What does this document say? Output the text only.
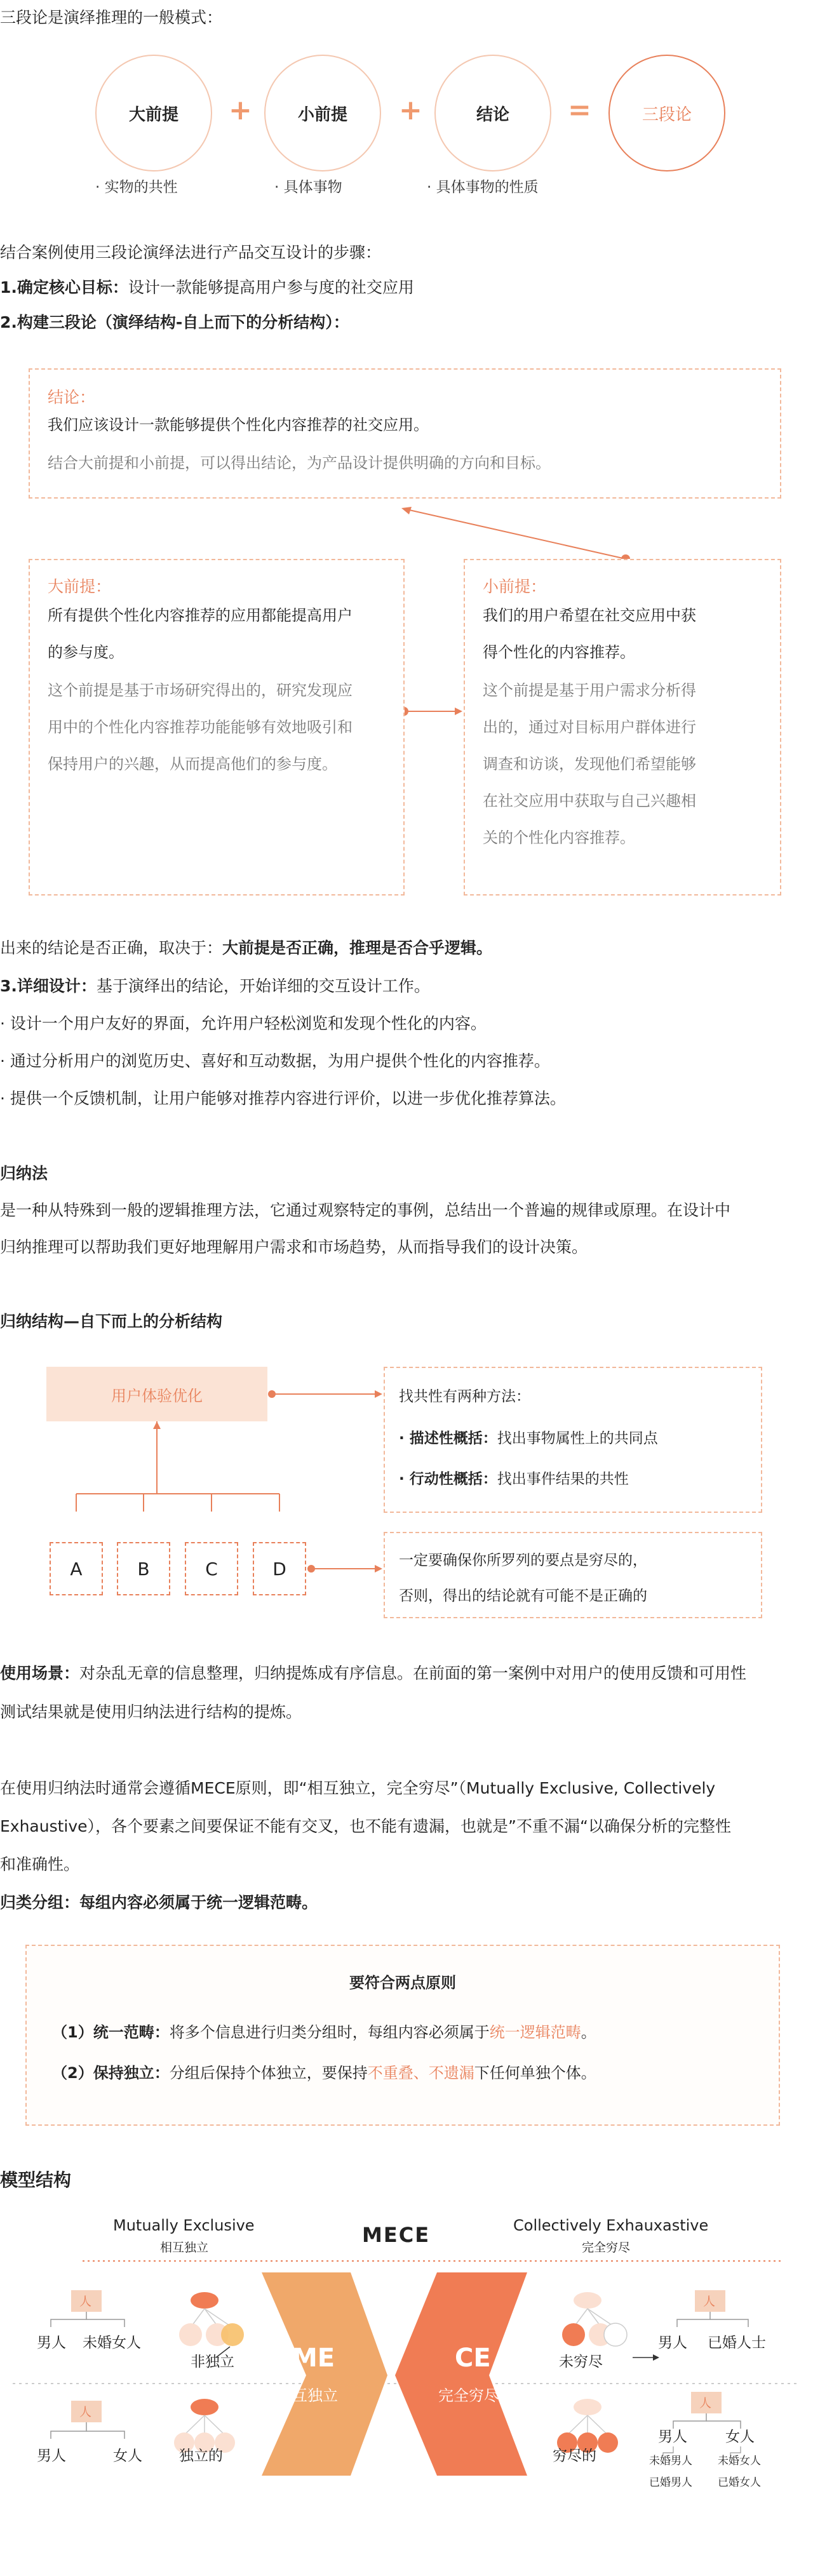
三段论是演绎推理的一般模式：
大前提	+	小前提	+	结论	=	三段论
· 实物的共性	· 具体事物	· 具体事物的性质
结合案例使用三段论演绎法进行产品交互设计的步骤：
1.确定核心目标：设计一款能够提高用户参与度的社交应用
2.构建三段论（演绎结构-自上而下的分析结构）：
结论：
我们应该设计一款能够提供个性化内容推荐的社交应用。
结合大前提和小前提，可以得出结论，为产品设计提供明确的方向和目标。
大前提：
所有提供个性化内容推荐的应用都能提高用户
的参与度。
这个前提是基于市场研究得出的，研究发现应
用中的个性化内容推荐功能能够有效地吸引和
保持用户的兴趣，从而提高他们的参与度。
小前提：
我们的用户希望在社交应用中获
得个性化的内容推荐。
这个前提是基于用户需求分析得
出的，通过对目标用户群体进行
调查和访谈，发现他们希望能够
在社交应用中获取与自己兴趣相
关的个性化内容推荐。
出来的结论是否正确，取决于：大前提是否正确，推理是否合乎逻辑。
3.详细设计：基于演绎出的结论，开始详细的交互设计工作。
· 设计一个用户友好的界面，允许用户轻松浏览和发现个性化的内容。
· 通过分析用户的浏览历史、喜好和互动数据，为用户提供个性化的内容推荐。
· 提供一个反馈机制，让用户能够对推荐内容进行评价，以进一步优化推荐算法。
归纳法
是一种从特殊到一般的逻辑推理方法，它通过观察特定的事例，总结出一个普遍的规律或原理。在设计中
归纳推理可以帮助我们更好地理解用户需求和市场趋势，从而指导我们的设计决策。
归纳结构—自下而上的分析结构
用户体验优化
A	B	C	D
找共性有两种方法：
· 描述性概括：找出事物属性上的共同点
· 行动性概括：找出事件结果的共性
一定要确保你所罗列的要点是穷尽的，
否则，得出的结论就有可能不是正确的
使用场景：对杂乱无章的信息整理，归纳提炼成有序信息。在前面的第一案例中对用户的使用反馈和可用性
测试结果就是使用归纳法进行结构的提炼。
在使用归纳法时通常会遵循MECE原则，即“相互独立，完全穷尽”（Mutually Exclusive, Collectively
Exhaustive），各个要素之间要保证不能有交叉，也不能有遗漏，也就是”不重不漏“以确保分析的完整性
和准确性。
归类分组：每组内容必须属于统一逻辑范畴。
要符合两点原则
（1）统一范畴：将多个信息进行归类分组时，每组内容必须属于统一逻辑范畴。
（2）保持独立：分组后保持个体独立，要保持不重叠、不遗漏下任何单独个体。
模型结构
Mutually Exclusive
相互独立
MECE	Collectively Exhauxastive
完全穷尽
人
人
人
人
ME
相互独立
CE
完全穷尽
男人 未婚女人
非独立
男人	女人	独立的
未穷尽
男人 已婚人士
穷尽的
男人	女人
未婚男人 未婚女人
已婚男人 已婚女人
